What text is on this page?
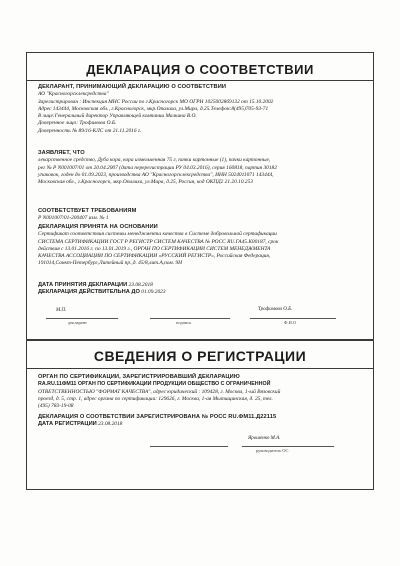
ДЕКЛАРАЦИЯ О СООТВЕТСТВИИ
ДЕКЛАРАНТ, ПРИНИМАЮЩИЙ ДЕКЛАРАЦИЮ О СООТВЕТСТВИИ
АО "Красногорсклексредства"
Зарегистрирован : Инспекция МНС России по г.Красногорск МО ОГРН 1025002869132 от 15.10.2002
Адрес 143444, Московская обл., г.Красногорск, мкр.Опалиха, ул.Мира, д.25.Телефон:8(495)705-93-71
В лице:Генеральный директор Управляющей компании Малкина В.О.
Доверенное лицо: Трофимова О.Б.
Доверенность № 89/16-КЛС от 21.11.2016 г.
ЗАЯВЛЯЕТ, ЧТО
лекарственное средство, Дуба кора, кора измельченная 75 г, пачки картонные (1), пачки картонные,
рег № Р N001007/01 от 20.04.2007 (дата перерегистрации РУ 04.03.2016), серия 160818, партия 30182
упаковок, годен до 01.09.2023, производства АО "Красногорсклексредства", ИНН 5024011071 143444,
Московская обл., г.Красногорск, мкр.Опалиха, ул.Мира, д.25, Россия, код ОКПД2 21.20.10.253
СООТВЕТСТВУЕТ ТРЕБОВАНИЯМ
Р N001007/01-200407 изм. № 1
ДЕКЛАРАЦИЯ ПРИНЯТА НА ОСНОВАНИИ
Сертификат соответствия системы менеджмента качества в Системе добровольной сертификации
СИСТЕМА СЕРТИФИКАЦИИ ГОСТ Р РЕГИСТР СИСТЕМ КАЧЕСТВА № РОСС RU.ГА45.К00187, срок
действия с 13.01.2016 г. по 13.01.2019 г., ОРГАН ПО СЕРТИФИКАЦИИ СИСТЕМ МЕНЕДЖМЕНТА
КАЧЕСТВА АССОЦИАЦИИ ПО СЕРТИФИКАЦИИ «РУССКИЙ РЕГИСТР», Российская Федерация,
191014,Санкт-Петербург,Литейный пр.,д. 45/8,лит.А,пом. 9Н
ДАТА ПРИНЯТИЯ ДЕКЛАРАЦИИ 23.08.2018
ДЕКЛАРАЦИЯ ДЕЙСТВИТЕЛЬНА ДО 01.09.2023
М.П.	Трофимова О.Б.
декларант	подпись	Ф.И.О
СВЕДЕНИЯ О РЕГИСТРАЦИИ
ОРГАН ПО СЕРТИФИКАЦИИ, ЗАРЕГИСТРИРОВАВШИЙ ДЕКЛАРАЦИЮ
RA.RU.11ФМ11 ОРГАН ПО СЕРТИФИКАЦИИ ПРОДУКЦИИ ОБЩЕСТВО С ОГРАНИЧЕННОЙ
ОТВЕТСТВЕННОСТЬЮ "ФОРМАТ КАЧЕСТВА", адрес юридический : 109428, г. Москва, 1-ый Вязовский
проезд, д. 5, стр. 1, адрес органа по сертификации: 129626, г. Москва, 1-ая Мытищинская, д. 25, тел.
(495) 783-19-08
ДЕКЛАРАЦИЯ О СООТВЕТСТВИИ ЗАРЕГИСТРИРОВАНА № РОСС RU.ФМ11.Д22115
ДАТА РЕГИСТРАЦИИ 23.08.2018
Ярошенко М.А.
руководитель ОС
